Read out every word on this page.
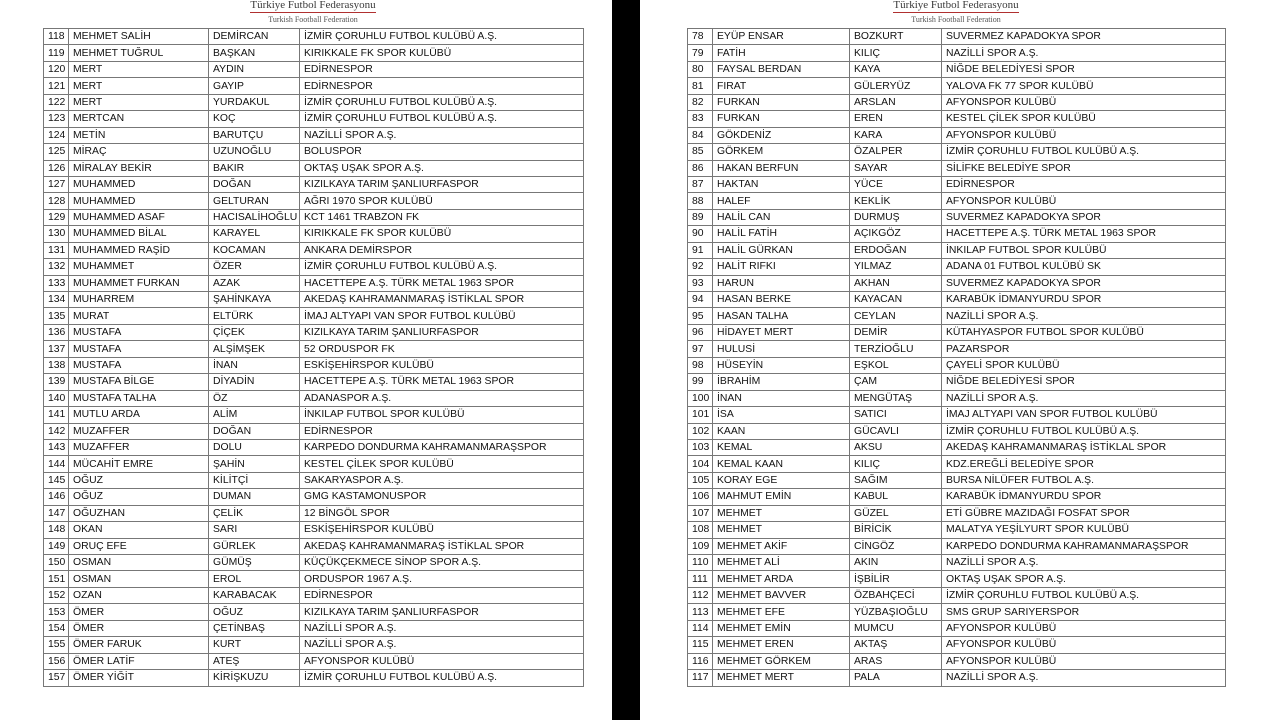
Türkiye Futbol Federasyonu
Turkish Football Federation
118	MEHMET SALİH	DEMİRCAN	İZMİR ÇORUHLU FUTBOL KULÜBÜ A.Ş.
119	MEHMET TUĞRUL	BAŞKAN	KIRIKKALE FK SPOR KULÜBÜ
120	MERT	AYDIN	EDİRNESPOR
121	MERT	GAYIP	EDİRNESPOR
122	MERT	YURDAKUL	İZMİR ÇORUHLU FUTBOL KULÜBÜ A.Ş.
123	MERTCAN	KOÇ	İZMİR ÇORUHLU FUTBOL KULÜBÜ A.Ş.
124	METİN	BARUTÇU	NAZİLLİ SPOR A.Ş.
125	MİRAÇ	UZUNOĞLU	BOLUSPOR
126	MİRALAY BEKİR	BAKIR	OKTAŞ UŞAK SPOR A.Ş.
127	MUHAMMED	DOĞAN	KIZILKAYA TARIM ŞANLIURFASPOR
128	MUHAMMED	GELTURAN	AĞRI 1970 SPOR KULÜBÜ
129	MUHAMMED ASAF	HACISALİHOĞLU	KCT 1461 TRABZON FK
130	MUHAMMED BİLAL	KARAYEL	KIRIKKALE FK SPOR KULÜBÜ
131	MUHAMMED RAŞİD	KOCAMAN	ANKARA DEMİRSPOR
132	MUHAMMET	ÖZER	İZMİR ÇORUHLU FUTBOL KULÜBÜ A.Ş.
133	MUHAMMET FURKAN	AZAK	HACETTEPE A.Ş. TÜRK METAL 1963 SPOR
134	MUHARREM	ŞAHİNKAYA	AKEDAŞ KAHRAMANMARAŞ İSTİKLAL SPOR
135	MURAT	ELTÜRK	İMAJ ALTYAPI VAN SPOR FUTBOL KULÜBÜ
136	MUSTAFA	ÇİÇEK	KIZILKAYA TARIM ŞANLIURFASPOR
137	MUSTAFA	ALŞİMŞEK	52 ORDUSPOR FK
138	MUSTAFA	İNAN	ESKİŞEHİRSPOR KULÜBÜ
139	MUSTAFA BİLGE	DİYADİN	HACETTEPE A.Ş. TÜRK METAL 1963 SPOR
140	MUSTAFA TALHA	ÖZ	ADANASPOR A.Ş.
141	MUTLU ARDA	ALİM	İNKILAP FUTBOL SPOR KULÜBÜ
142	MUZAFFER	DOĞAN	EDİRNESPOR
143	MUZAFFER	DOLU	KARPEDO DONDURMA KAHRAMANMARAŞSPOR
144	MÜCAHİT EMRE	ŞAHİN	KESTEL ÇİLEK SPOR KULÜBÜ
145	OĞUZ	KİLİTÇİ	SAKARYASPOR A.Ş.
146	OĞUZ	DUMAN	GMG KASTAMONUSPOR
147	OĞUZHAN	ÇELİK	12 BİNGÖL SPOR
148	OKAN	SARI	ESKİŞEHİRSPOR KULÜBÜ
149	ORUÇ EFE	GÜRLEK	AKEDAŞ KAHRAMANMARAŞ İSTİKLAL SPOR
150	OSMAN	GÜMÜŞ	KÜÇÜKÇEKMECE SİNOP SPOR A.Ş.
151	OSMAN	EROL	ORDUSPOR 1967 A.Ş.
152	OZAN	KARABACAK	EDİRNESPOR
153	ÖMER	OĞUZ	KIZILKAYA TARIM ŞANLIURFASPOR
154	ÖMER	ÇETİNBAŞ	NAZİLLİ SPOR A.Ş.
155	ÖMER FARUK	KURT	NAZİLLİ SPOR A.Ş.
156	ÖMER LATİF	ATEŞ	AFYONSPOR KULÜBÜ
157	ÖMER YİĞİT	KİRİŞKUZU	İZMİR ÇORUHLU FUTBOL KULÜBÜ A.Ş.
Türkiye Futbol Federasyonu
Turkish Football Federation
78	EYÜP ENSAR	BOZKURT	SUVERMEZ KAPADOKYA SPOR
79	FATİH	KILIÇ	NAZİLLİ SPOR A.Ş.
80	FAYSAL BERDAN	KAYA	NİĞDE BELEDİYESİ SPOR
81	FIRAT	GÜLERYÜZ	YALOVA FK 77 SPOR KULÜBÜ
82	FURKAN	ARSLAN	AFYONSPOR KULÜBÜ
83	FURKAN	EREN	KESTEL ÇİLEK SPOR KULÜBÜ
84	GÖKDENİZ	KARA	AFYONSPOR KULÜBÜ
85	GÖRKEM	ÖZALPER	İZMİR ÇORUHLU FUTBOL KULÜBÜ A.Ş.
86	HAKAN BERFUN	SAYAR	SİLİFKE BELEDİYE SPOR
87	HAKTAN	YÜCE	EDİRNESPOR
88	HALEF	KEKLİK	AFYONSPOR KULÜBÜ
89	HALİL CAN	DURMUŞ	SUVERMEZ KAPADOKYA SPOR
90	HALİL FATİH	AÇIKGÖZ	HACETTEPE A.Ş. TÜRK METAL 1963 SPOR
91	HALİL GÜRKAN	ERDOĞAN	İNKILAP FUTBOL SPOR KULÜBÜ
92	HALİT RIFKI	YILMAZ	ADANA 01 FUTBOL KULÜBÜ SK
93	HARUN	AKHAN	SUVERMEZ KAPADOKYA SPOR
94	HASAN BERKE	KAYACAN	KARABÜK İDMANYURDU SPOR
95	HASAN TALHA	CEYLAN	NAZİLLİ SPOR A.Ş.
96	HİDAYET MERT	DEMİR	KÜTAHYASPOR FUTBOL SPOR KULÜBÜ
97	HULUSİ	TERZİOĞLU	PAZARSPOR
98	HÜSEYİN	EŞKOL	ÇAYELİ SPOR KULÜBÜ
99	İBRAHİM	ÇAM	NİĞDE BELEDİYESİ SPOR
100	İNAN	MENGÜTAŞ	NAZİLLİ SPOR A.Ş.
101	İSA	SATICI	İMAJ ALTYAPI VAN SPOR FUTBOL KULÜBÜ
102	KAAN	GÜCAVLI	İZMİR ÇORUHLU FUTBOL KULÜBÜ A.Ş.
103	KEMAL	AKSU	AKEDAŞ KAHRAMANMARAŞ İSTİKLAL SPOR
104	KEMAL KAAN	KILIÇ	KDZ.EREĞLİ BELEDİYE SPOR
105	KORAY EGE	SAĞIM	BURSA NİLÜFER FUTBOL A.Ş.
106	MAHMUT EMİN	KABUL	KARABÜK İDMANYURDU SPOR
107	MEHMET	GÜZEL	ETİ GÜBRE MAZIDAĞI FOSFAT SPOR
108	MEHMET	BİRİCİK	MALATYA YEŞİLYURT SPOR KULÜBÜ
109	MEHMET AKİF	CİNGÖZ	KARPEDO DONDURMA KAHRAMANMARAŞSPOR
110	MEHMET ALİ	AKIN	NAZİLLİ SPOR A.Ş.
111	MEHMET ARDA	İŞBİLİR	OKTAŞ UŞAK SPOR A.Ş.
112	MEHMET BAVVER	ÖZBAHÇECİ	İZMİR ÇORUHLU FUTBOL KULÜBÜ A.Ş.
113	MEHMET EFE	YÜZBAŞIOĞLU	SMS GRUP SARIYERSPOR
114	MEHMET EMİN	MUMCU	AFYONSPOR KULÜBÜ
115	MEHMET EREN	AKTAŞ	AFYONSPOR KULÜBÜ
116	MEHMET GÖRKEM	ARAS	AFYONSPOR KULÜBÜ
117	MEHMET MERT	PALA	NAZİLLİ SPOR A.Ş.
